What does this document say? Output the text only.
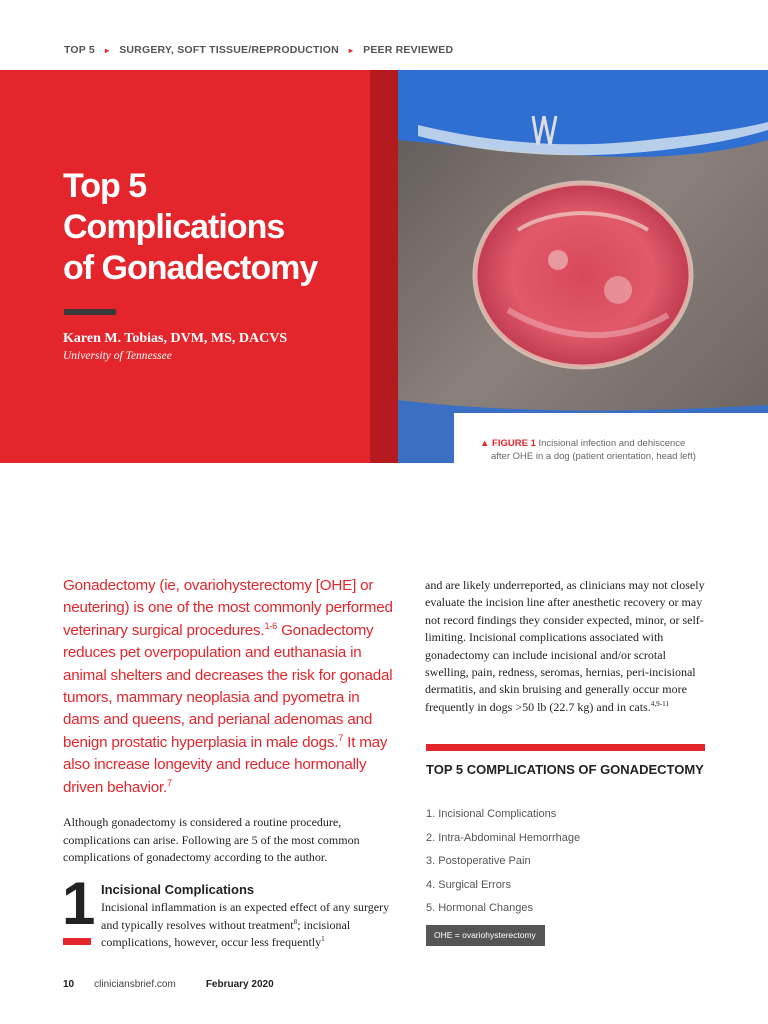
TOP 5 ▸ SURGERY, SOFT TISSUE/REPRODUCTION ▸ PEER REVIEWED
Top 5
Complications
of Gonadectomy
Karen M. Tobias, DVM, MS, DACVS
University of Tennessee
▲ FIGURE 1 Incisional infection and dehiscence
after OHE in a dog (patient orientation, head left)

Gonadectomy (ie, ovariohysterectomy [OHE] or neutering) is one of the most commonly performed veterinary surgical procedures.$^{1-6}$ Gonadectomy reduces pet overpopulation and euthanasia in animal shelters and decreases the risk for gonadal tumors, mammary neoplasia and pyometra in dams and queens, and perianal adenomas and benign prostatic hyperplasia in male dogs.$^7$ It may also increase longevity and reduce hormonally driven behavior.$^7$

Although gonadectomy is considered a routine procedure, complications can arise. Following are 5 of the most common complications of gonadectomy according to the author.

1 Incisional Complications

Incisional inflammation is an expected effect of any surgery and typically resolves without treatment$^8$; incisional complications, however, occur less frequently$^1$

and are likely underreported, as clinicians may not closely evaluate the incision line after anesthetic recovery or may not record findings they consider expected, minor, or self-limiting. Incisional complications associated with gonadectomy can include incisional and/or scrotal swelling, pain, redness, seromas, hernias, peri-incisional dermatitis, and skin bruising and generally occur more frequently in dogs >50 lb (22.7 kg) and in cats.$^{4,9-11}$

TOP 5 COMPLICATIONS OF GONADECTOMY
1. Incisional Complications
2. Intra-Abdominal Hemorrhage
3. Postoperative Pain
4. Surgical Errors
5. Hormonal Changes
OHE = ovariohysterectomy
10 cliniciansbrief.com	February 2020
